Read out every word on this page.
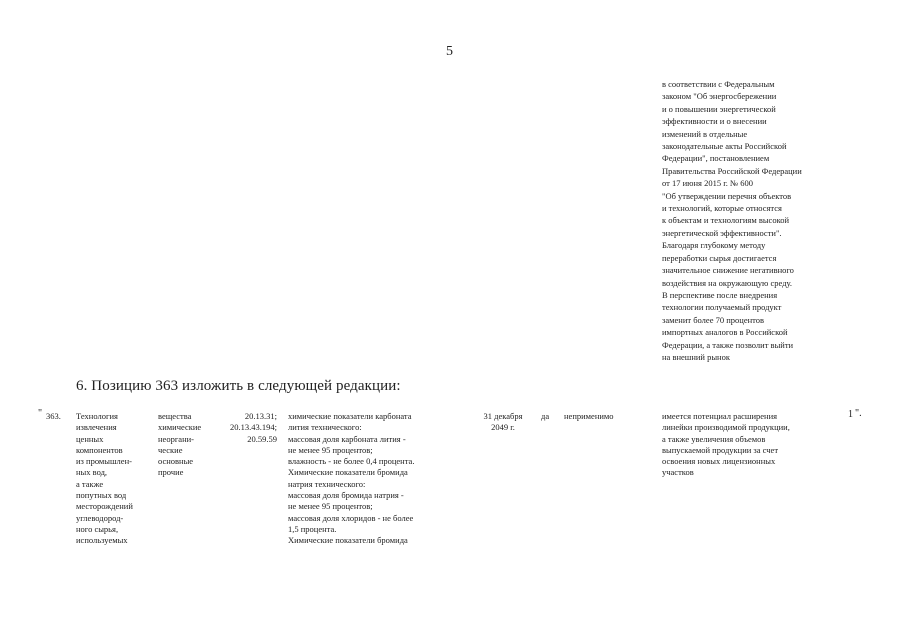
5
в соответствии с Федеральным
законом "Об энергосбережении
и о повышении энергетической
эффективности и о внесении
изменений в отдельные
законодательные акты Российской
Федерации", постановлением
Правительства Российской Федерации
от 17 июня 2015 г. № 600
"Об утверждении перечня объектов
и технологий, которые относятся
к объектам и технологиям высокой
энергетической эффективности".
Благодаря глубокому методу
переработки сырья достигается
значительное снижение негативного
воздействия на окружающую среду.
В перспективе после внедрения
технологии получаемый продукт
заменит более 70 процентов
импортных аналогов в Российской
Федерации, а также позволит выйти
на внешний рынок
6. Позицию 363 изложить в следующей редакции:
" 363. Технология
извлечения
ценных
компонентов
из промышлен-
ных вод,
а также
попутных вод
месторождений
углеводород-
ного сырья,
используемых
вещества
химические
неоргани-
ческие
основные
прочие
20.13.31;
20.13.43.194;
20.59.59
химические показатели карбоната
лития технического:
массовая доля карбоната лития -
не менее 95 процентов;
влажность - не более 0,4 процента.
Химические показатели бромида
натрия технического:
массовая доля бромида натрия -
не менее 95 процентов;
массовая доля хлоридов - не более
1,5 процента.
Химические показатели бромида
31 декабря
2049 г.
да неприменимо	имеется потенциал расширения
линейки производимой продукции,
а также увеличения объемов
выпускаемой продукции за счет
освоения новых лицензионных
участков
1 ".
